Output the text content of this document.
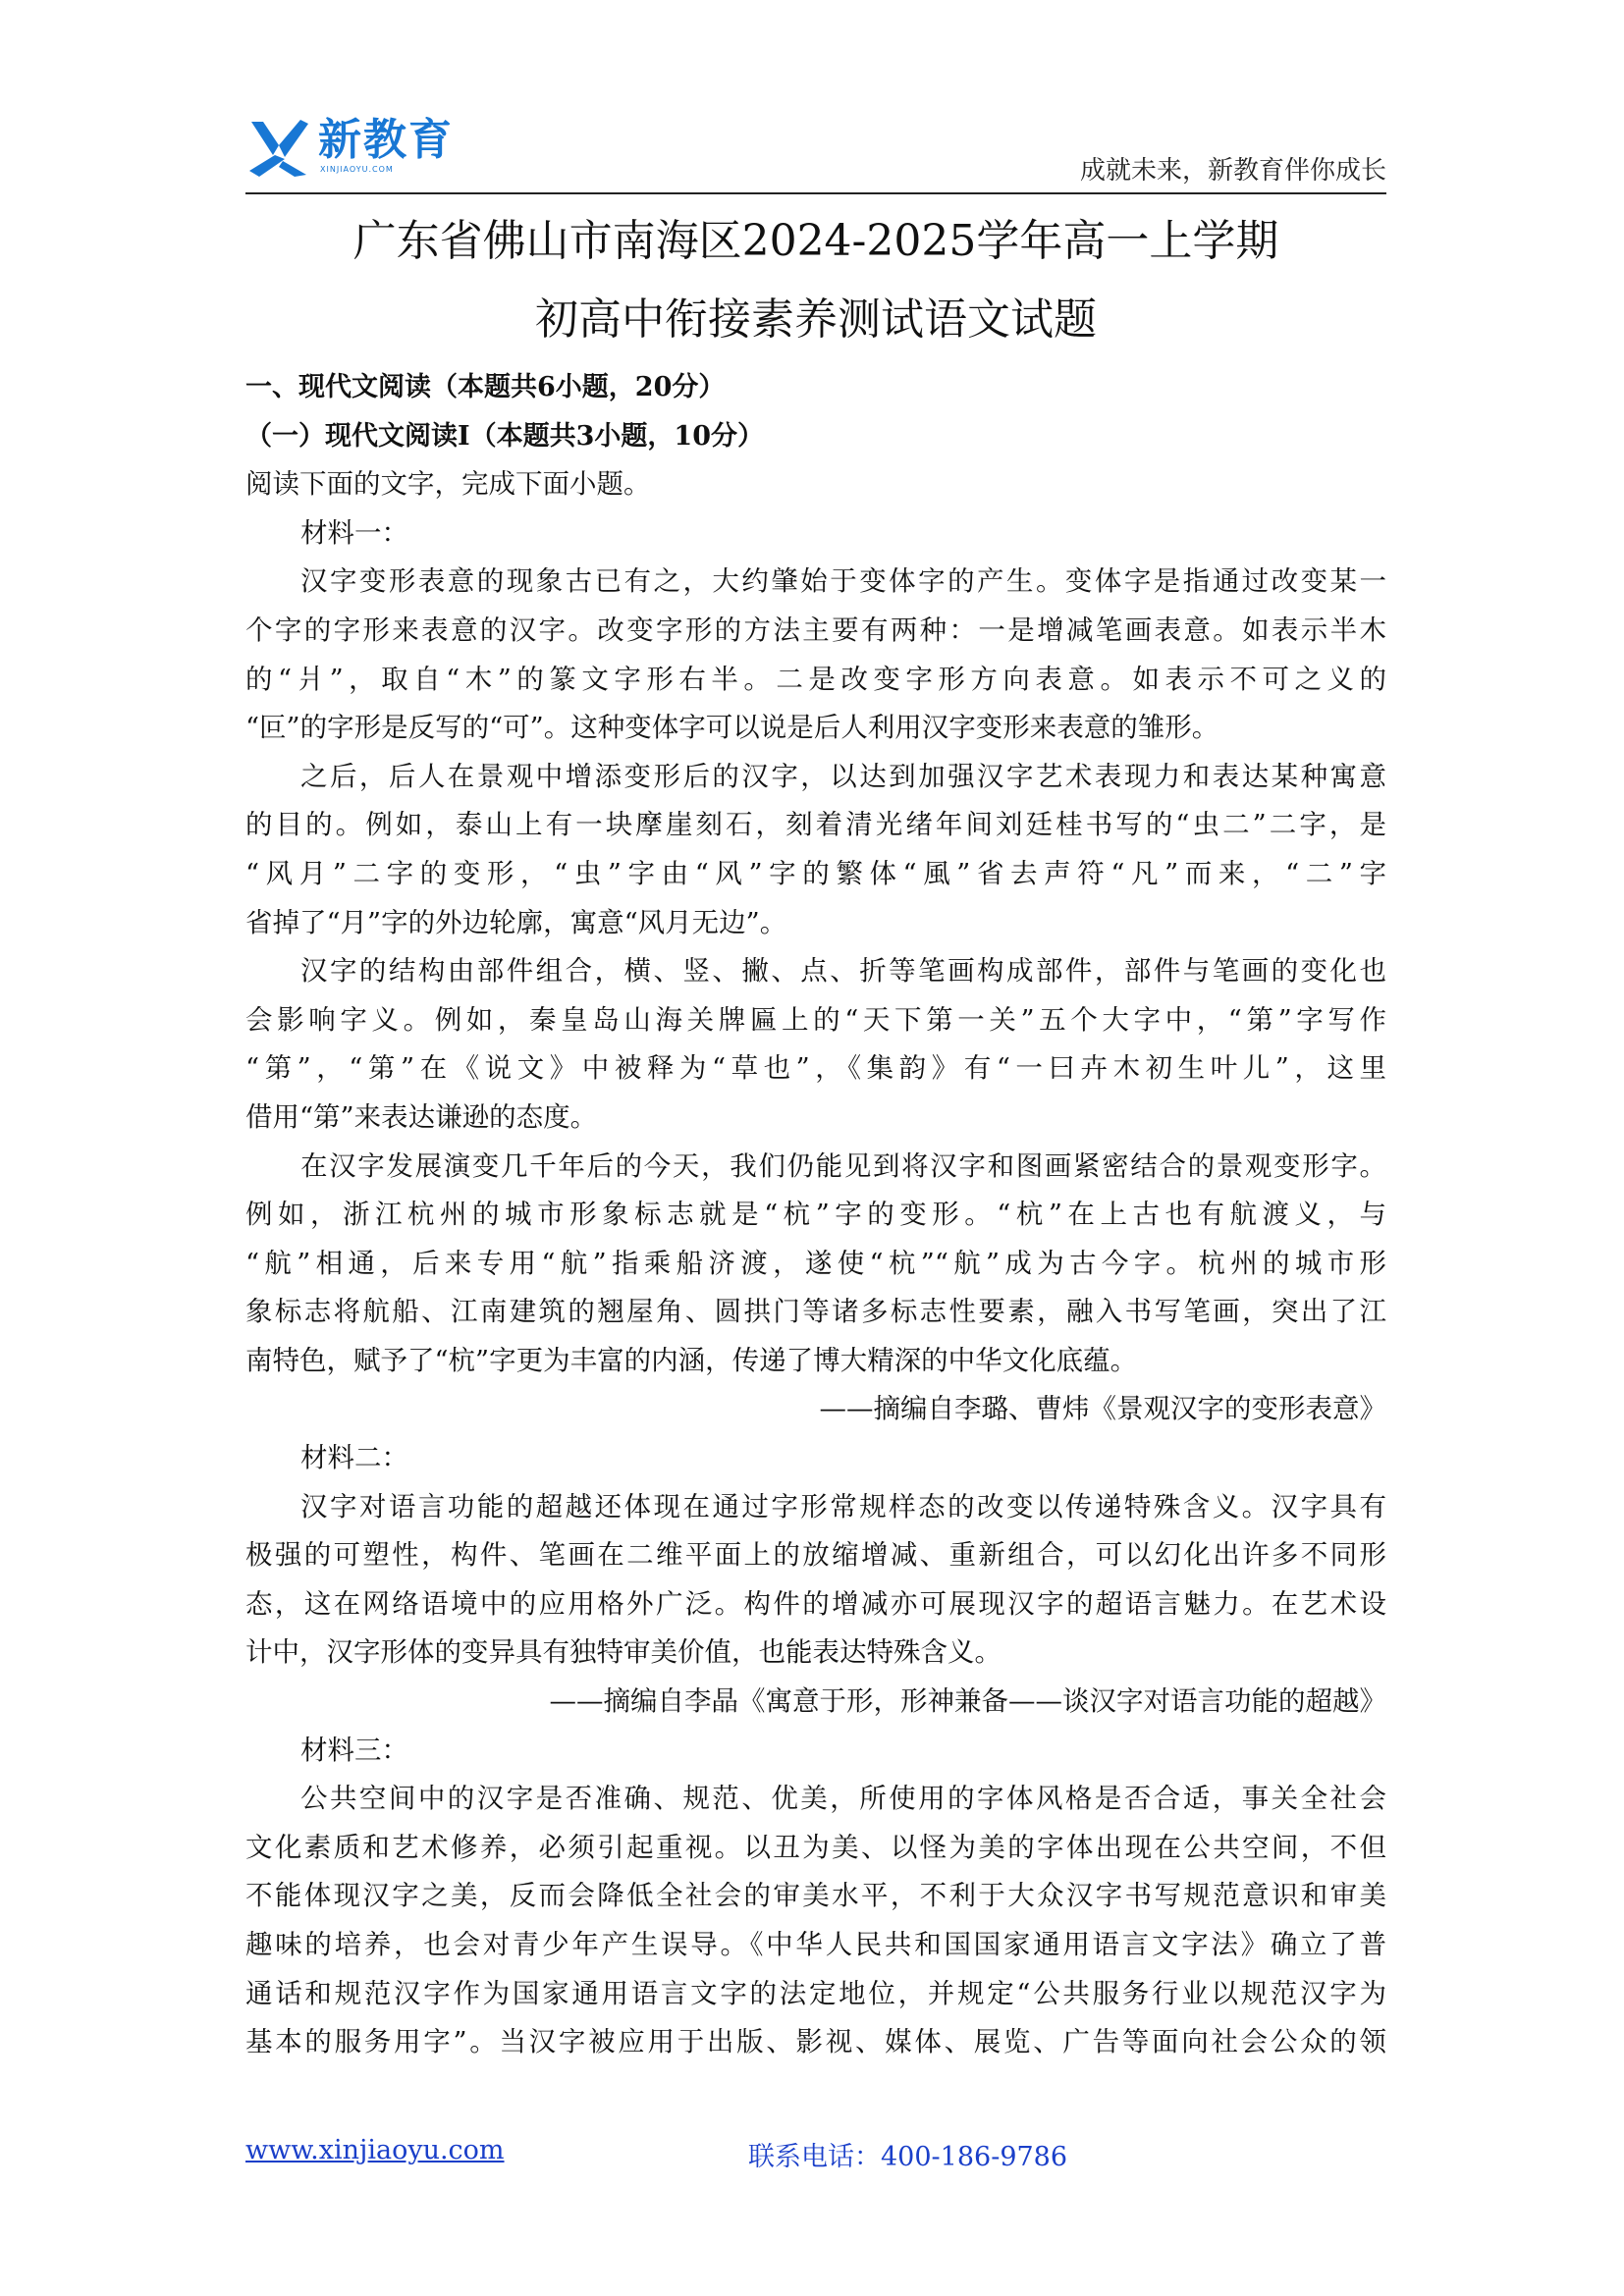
新教育
XINJIAOYU.COM	成就未来，新教育伴你成长
广东省佛山市南海区2024-2025学年高一上学期
初高中衔接素养测试语文试题
一、现代文阅读（本题共6小题，20分）
（一）现代文阅读I（本题共3小题，10分）
阅读下面的文字，完成下面小题。
材料一：
汉字变形表意的现象古已有之，大约肇始于变体字的产生。变体字是指通过改变某一
个字的字形来表意的汉字。改变字形的方法主要有两种：一是增减笔画表意。如表示半木
的“爿”，取自“木”的篆文字形右半。二是改变字形方向表意。如表示不可之义的
“叵”的字形是反写的“可”。这种变体字可以说是后人利用汉字变形来表意的雏形。
之后，后人在景观中增添变形后的汉字，以达到加强汉字艺术表现力和表达某种寓意
的目的。例如，泰山上有一块摩崖刻石，刻着清光绪年间刘廷桂书写的“虫二”二字，是
“风月”二字的变形，“虫”字由“风”字的繁体“風”省去声符“凡”而来，“二”字
省掉了“月”字的外边轮廓，寓意“风月无边”。
汉字的结构由部件组合，横、竖、撇、点、折等笔画构成部件，部件与笔画的变化也
会影响字义。例如，秦皇岛山海关牌匾上的“天下第一关”五个大字中，“第”字写作
“第”，“第”在《说文》中被释为“草也”，《集韵》有“一曰卉木初生叶儿”，这里
借用“第”来表达谦逊的态度。
在汉字发展演变几千年后的今天，我们仍能见到将汉字和图画紧密结合的景观变形字。
例如，浙江杭州的城市形象标志就是“杭”字的变形。“杭”在上古也有航渡义，与
“航”相通，后来专用“航”指乘船济渡，遂使“杭”“航”成为古今字。杭州的城市形
象标志将航船、江南建筑的翘屋角、圆拱门等诸多标志性要素，融入书写笔画，突出了江
南特色，赋予了“杭”字更为丰富的内涵，传递了博大精深的中华文化底蕴。
——摘编自李璐、曹炜《景观汉字的变形表意》
材料二：
汉字对语言功能的超越还体现在通过字形常规样态的改变以传递特殊含义。汉字具有
极强的可塑性，构件、笔画在二维平面上的放缩增减、重新组合，可以幻化出许多不同形
态，这在网络语境中的应用格外广泛。构件的增减亦可展现汉字的超语言魅力。在艺术设
计中，汉字形体的变异具有独特审美价值，也能表达特殊含义。
——摘编自李晶《寓意于形，形神兼备——谈汉字对语言功能的超越》
材料三：
公共空间中的汉字是否准确、规范、优美，所使用的字体风格是否合适，事关全社会
文化素质和艺术修养，必须引起重视。以丑为美、以怪为美的字体出现在公共空间，不但
不能体现汉字之美，反而会降低全社会的审美水平，不利于大众汉字书写规范意识和审美
趣味的培养，也会对青少年产生误导。《中华人民共和国国家通用语言文字法》确立了普
通话和规范汉字作为国家通用语言文字的法定地位，并规定“公共服务行业以规范汉字为
基本的服务用字”。当汉字被应用于出版、影视、媒体、展览、广告等面向社会公众的领
www.xinjiaoyu.com	联系电话：400-186-9786
